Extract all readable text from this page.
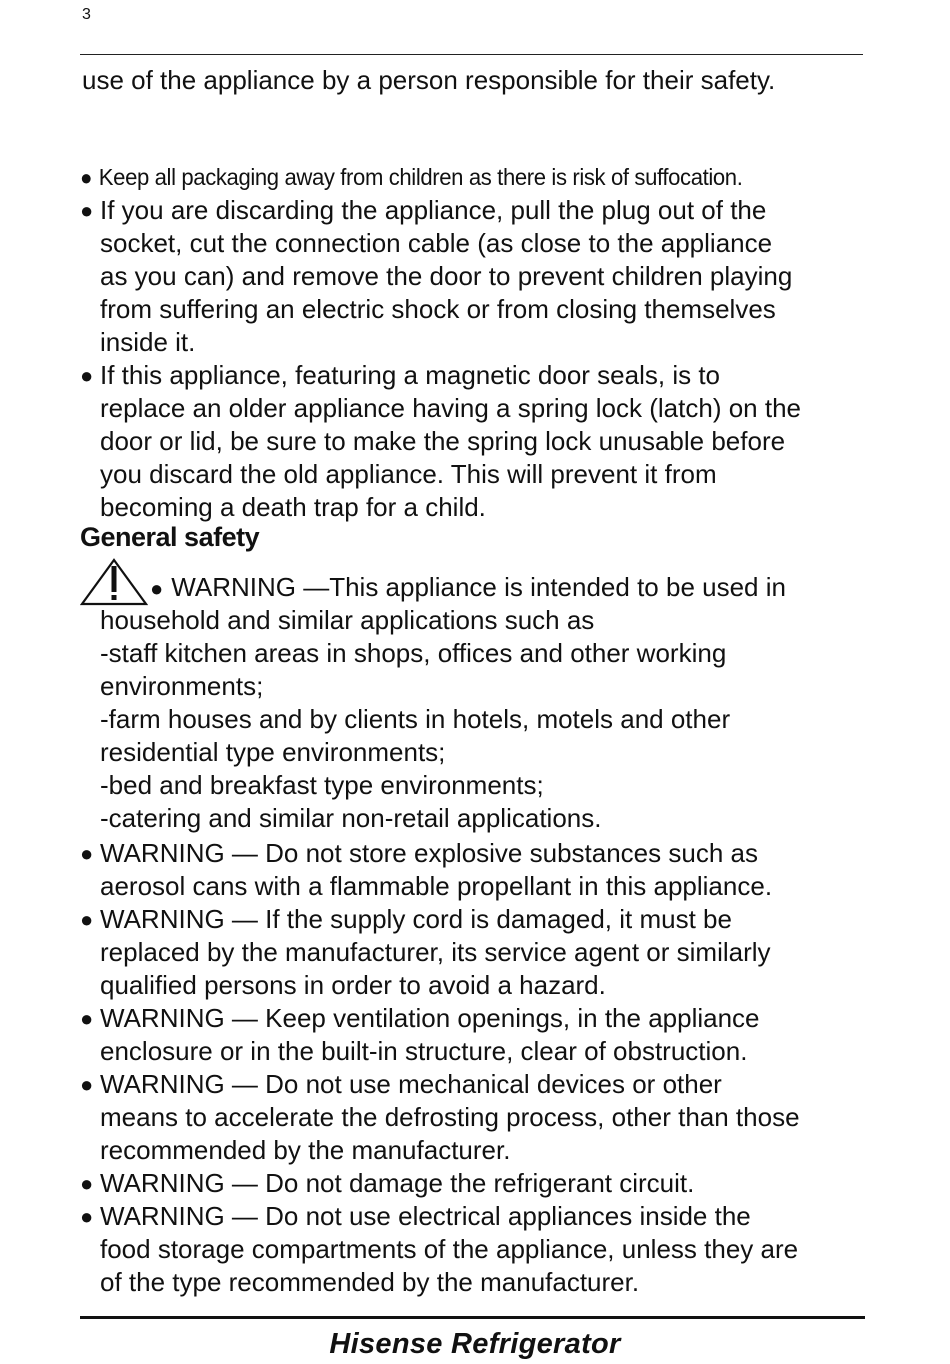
3
use of the appliance by a person responsible for their safety.
● Keep all packaging away from children as there is risk of suffocation.
● If you are discarding the appliance, pull the plug out of the
socket, cut the connection cable (as close to the appliance
as you can) and remove the door to prevent children playing
from suffering an electric shock or from closing themselves
inside it.
● If this appliance, featuring a magnetic door seals, is to
replace an older appliance having a spring lock (latch) on the
door or lid, be sure to make the spring lock unusable before
you discard the old appliance. This will prevent it from
becoming a death trap for a child.
General safety
● WARNING —This appliance is intended to be used in
household and similar applications such as
-staff kitchen areas in shops, offices and other working
environments;
-farm houses and by clients in hotels, motels and other
residential type environments;
-bed and breakfast type environments;
-catering and similar non-retail applications.
● WARNING — Do not store explosive substances such as
aerosol cans with a flammable propellant in this appliance.
● WARNING — If the supply cord is damaged, it must be
replaced by the manufacturer, its service agent or similarly
qualified persons in order to avoid a hazard.
● WARNING — Keep ventilation openings, in the appliance
enclosure or in the built-in structure, clear of obstruction.
● WARNING — Do not use mechanical devices or other
means to accelerate the defrosting process, other than those
recommended by the manufacturer.
● WARNING — Do not damage the refrigerant circuit.
● WARNING — Do not use electrical appliances inside the
food storage compartments of the appliance, unless they are
of the type recommended by the manufacturer.
Hisense Refrigerator
